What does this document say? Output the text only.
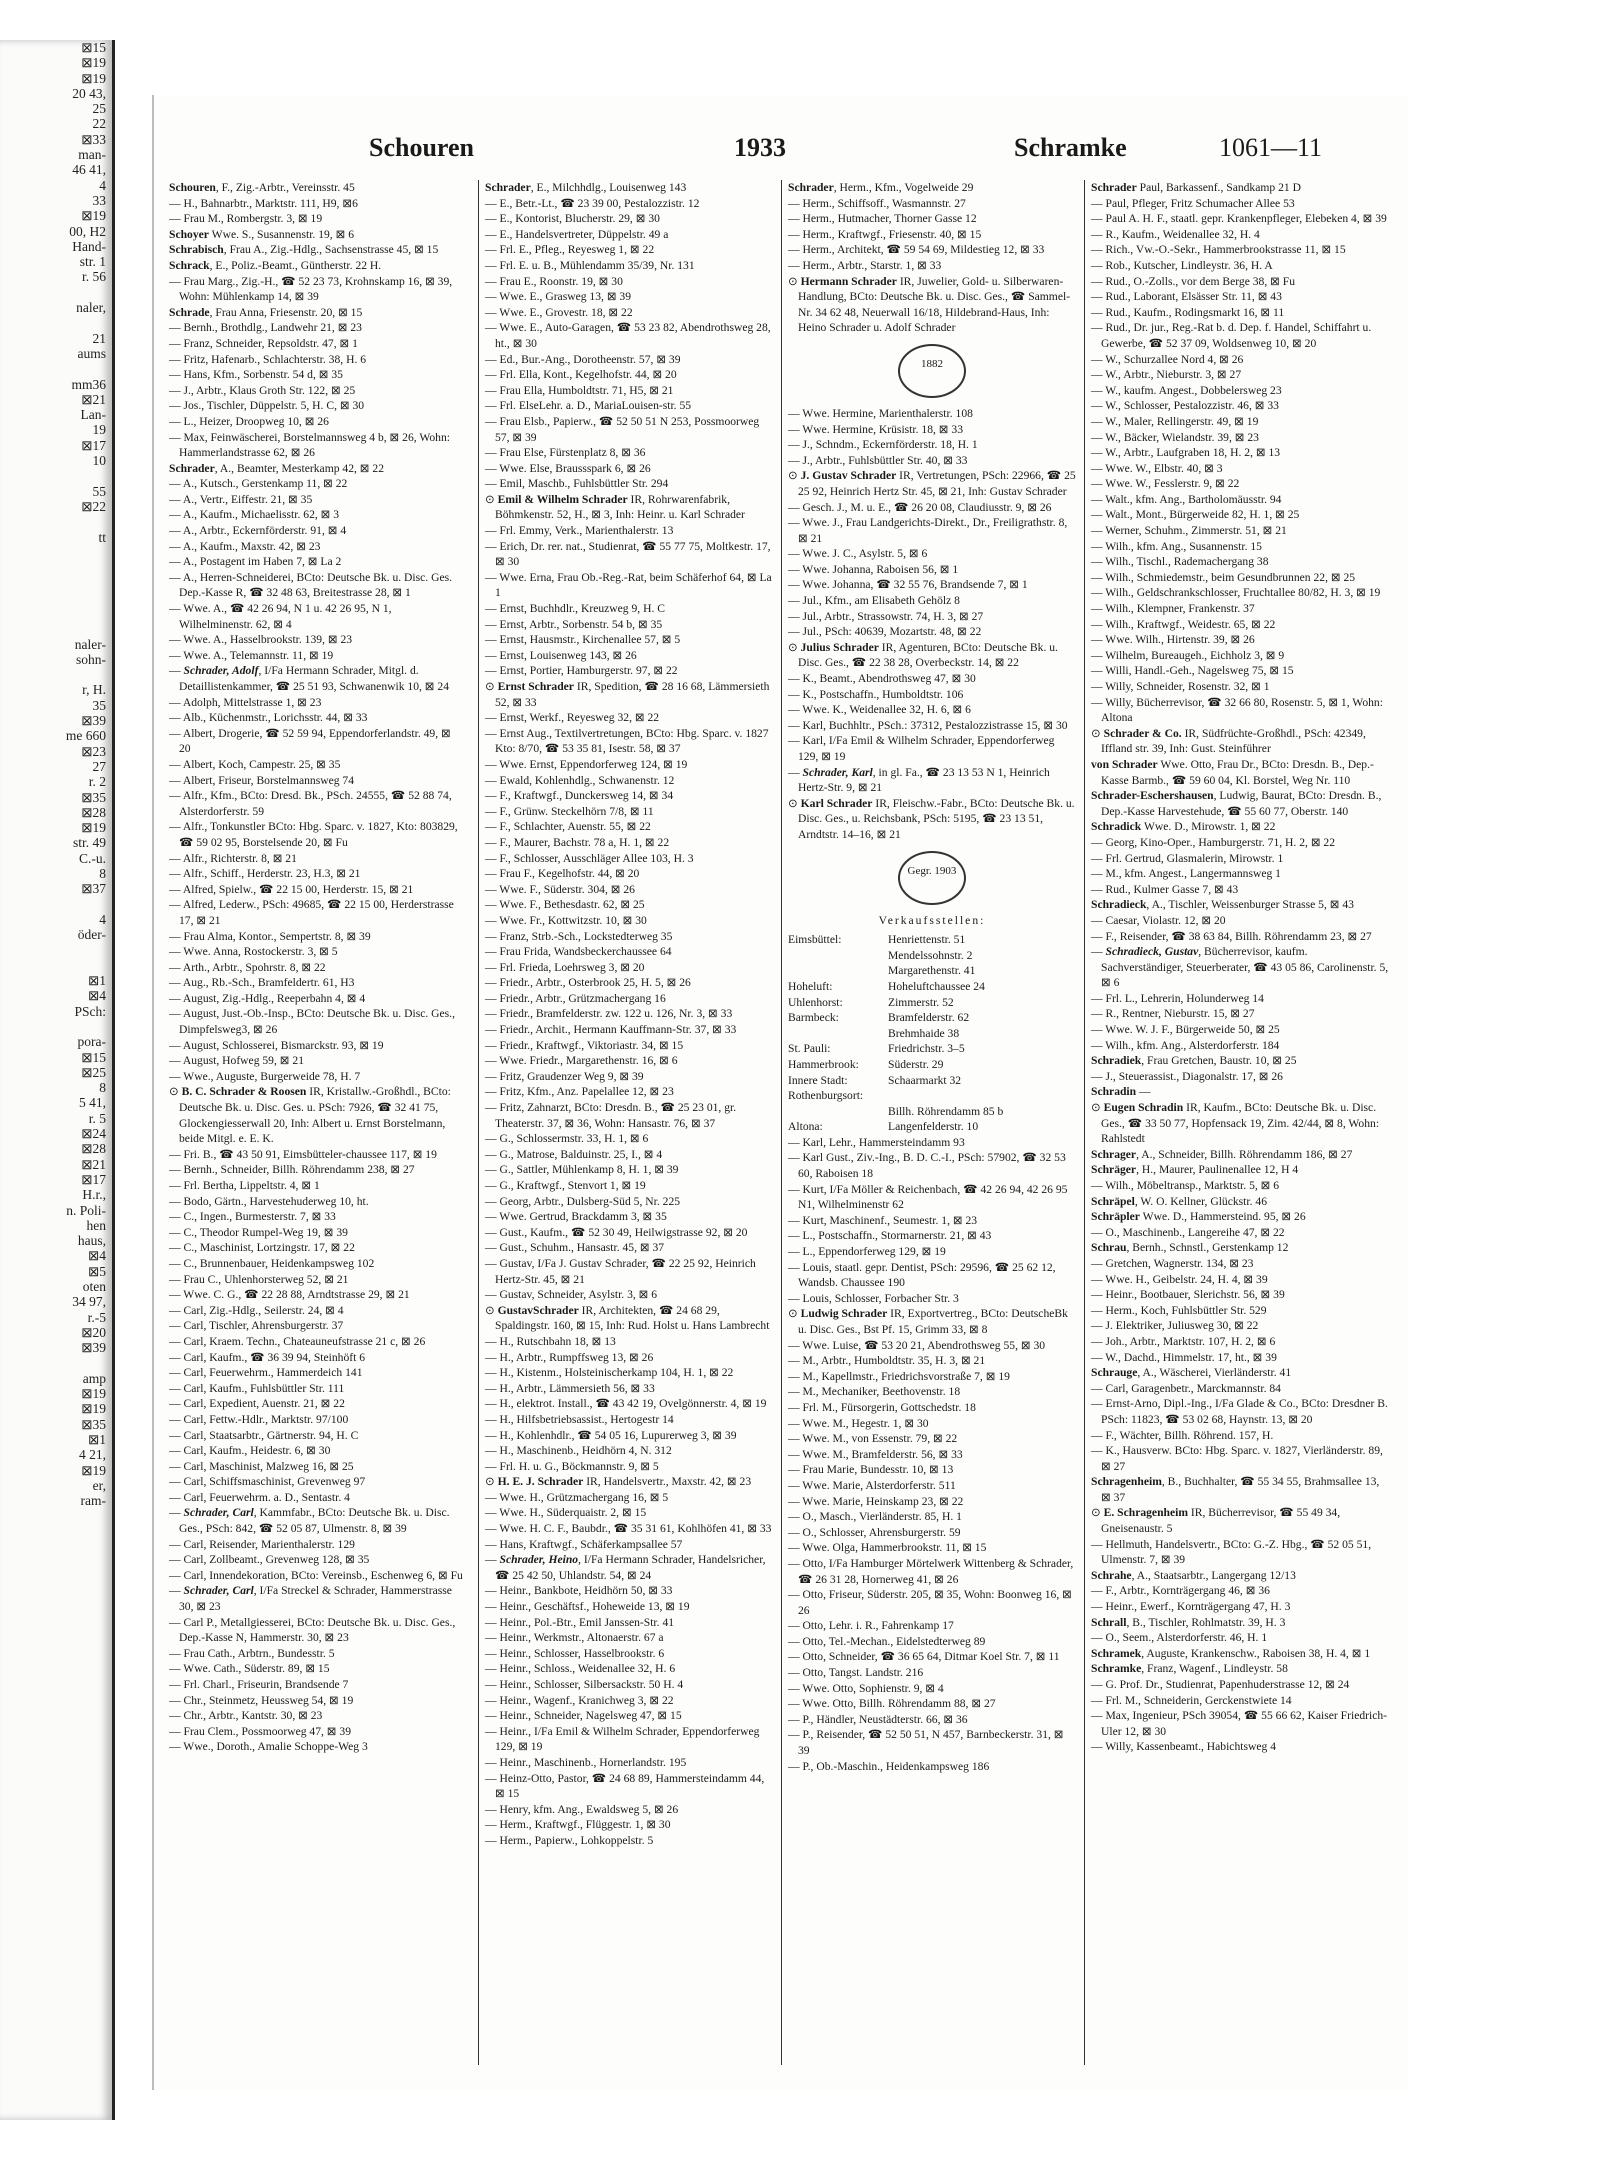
⊠15
⊠19
⊠19
20 43,
25
22
⊠33
man-
46 41,
4
33
⊠19
00, H2
Hand-
str. 1
r. 56

naler,

21
aums

mm36
⊠21
Lan-
19
⊠17
10

55
⊠22

tt

naler-
sohn-

r, H.
35
⊠39
me 660
⊠23
27
r. 2
⊠35
⊠28
⊠19
str. 49
C.-u.
8
⊠37

4
öder-

⊠1
⊠4
PSch:

pora-
⊠15
⊠25
8
5 41,
r. 5
⊠24
⊠28
⊠21
⊠17
H.r.,
n. Poli-
hen
haus,
⊠4
⊠5
oten
34 97,
r.-5
⊠20
⊠39

amp
⊠19
⊠19
⊠35
⊠1
4 21,
⊠19
er,
ram-
Schouren	1933	Schramke	1061—11
Schouren, F., Zig.-Arbtr., Vereinsstr. 45
— H., Bahnarbtr., Marktstr. 111, H9, ⊠6
— Frau M., Rombergstr. 3, ⊠ 19
Schoyer Wwe. S., Susannenstr. 19, ⊠ 6
Schrabisch, Frau A., Zig.-Hdlg., Sachsenstrasse 45, ⊠ 15
Schrack, E., Poliz.-Beamt., Güntherstr. 22 H.
— Frau Marg., Zig.-H., ☎ 52 23 73, Krohnskamp 16, ⊠ 39, Wohn: Mühlenkamp 14, ⊠ 39
Schrade, Frau Anna, Friesenstr. 20, ⊠ 15
— Bernh., Brothdlg., Landwehr 21, ⊠ 23
— Franz, Schneider, Repsoldstr. 47, ⊠ 1
— Fritz, Hafenarb., Schlachterstr. 38, H. 6
— Hans, Kfm., Sorbenstr. 54 d, ⊠ 35
— J., Arbtr., Klaus Groth Str. 122, ⊠ 25
— Jos., Tischler, Düppelstr. 5, H. C, ⊠ 30
— L., Heizer, Droopweg 10, ⊠ 26
— Max, Feinwäscherei, Borstelmannsweg 4 b, ⊠ 26, Wohn: Hammerlandstrasse 62, ⊠ 26
Schrader, A., Beamter, Mesterkamp 42, ⊠ 22
— A., Kutsch., Gerstenkamp 11, ⊠ 22
— A., Vertr., Eiffestr. 21, ⊠ 35
— A., Kaufm., Michaelisstr. 62, ⊠ 3
— A., Arbtr., Eckernförderstr. 91, ⊠ 4
— A., Kaufm., Maxstr. 42, ⊠ 23
— A., Postagent im Haben 7, ⊠ La 2
— A., Herren-Schneiderei, BCto: Deutsche Bk. u. Disc. Ges. Dep.-Kasse R, ☎ 32 48 63, Breitestrasse 28, ⊠ 1
— Wwe. A., ☎ 42 26 94, N 1 u. 42 26 95, N 1, Wilhelminenstr. 62, ⊠ 4
— Wwe. A., Hasselbrookstr. 139, ⊠ 23
— Wwe. A., Telemannstr. 11, ⊠ 19
— Schrader, Adolf, I/Fa Hermann Schrader, Mitgl. d. Detaillistenkammer, ☎ 25 51 93, Schwanenwik 10, ⊠ 24
— Adolph, Mittelstrasse 1, ⊠ 23
— Alb., Küchenmstr., Lorichsstr. 44, ⊠ 33
— Albert, Drogerie, ☎ 52 59 94, Eppendorferlandstr. 49, ⊠ 20
— Albert, Koch, Campestr. 25, ⊠ 35
— Albert, Friseur, Borstelmannsweg 74
— Alfr., Kfm., BCto: Dresd. Bk., PSch. 24555, ☎ 52 88 74, Alsterdorferstr. 59
— Alfr., Tonkunstler BCto: Hbg. Sparc. v. 1827, Kto: 803829, ☎ 59 02 95, Borstelsende 20, ⊠ Fu
— Alfr., Richterstr. 8, ⊠ 21
— Alfr., Schiff., Herderstr. 23, H.3, ⊠ 21
— Alfred, Spielw., ☎ 22 15 00, Herderstr. 15, ⊠ 21
— Alfred, Lederw., PSch: 49685, ☎ 22 15 00, Herderstrasse 17, ⊠ 21
— Frau Alma, Kontor., Sempertstr. 8, ⊠ 39
— Wwe. Anna, Rostockerstr. 3, ⊠ 5
— Arth., Arbtr., Spohrstr. 8, ⊠ 22
— Aug., Rb.-Sch., Bramfeldertr. 61, H3
— August, Zig.-Hdlg., Reeperbahn 4, ⊠ 4
— August, Just.-Ob.-Insp., BCto: Deutsche Bk. u. Disc. Ges., Dimpfelsweg3, ⊠ 26
— August, Schlosserei, Bismarckstr. 93, ⊠ 19
— August, Hofweg 59, ⊠ 21
— Wwe., Auguste, Burgerweide 78, H. 7
⊙ B. C. Schrader & Roosen IR, Kristallw.-Großhdl., BCto: Deutsche Bk. u. Disc. Ges. u. PSch: 7926, ☎ 32 41 75, Glockengiesserwall 20, Inh: Albert u. Ernst Borstelmann, beide Mitgl. e. E. K.
— Fri. B., ☎ 43 50 91, Eimsbütteler-chaussee 117, ⊠ 19
— Bernh., Schneider, Billh. Röhrendamm 238, ⊠ 27
— Frl. Bertha, Lippeltstr. 4, ⊠ 1
— Bodo, Gärtn., Harvestehuderweg 10, ht.
— C., Ingen., Burmesterstr. 7, ⊠ 33
— C., Theodor Rumpel-Weg 19, ⊠ 39
— C., Maschinist, Lortzingstr. 17, ⊠ 22
— C., Brunnenbauer, Heidenkampsweg 102
— Frau C., Uhlenhorsterweg 52, ⊠ 21
— Wwe. C. G., ☎ 22 28 88, Arndtstrasse 29, ⊠ 21
— Carl, Zig.-Hdlg., Seilerstr. 24, ⊠ 4
— Carl, Tischler, Ahrensburgerstr. 37
— Carl, Kraem. Techn., Chateauneufstrasse 21 c, ⊠ 26
— Carl, Kaufm., ☎ 36 39 94, Steinhöft 6
— Carl, Feuerwehrm., Hammerdeich 141
— Carl, Kaufm., Fuhlsbüttler Str. 111
— Carl, Expedient, Auenstr. 21, ⊠ 22
— Carl, Fettw.-Hdlr., Marktstr. 97/100
— Carl, Staatsarbtr., Gärtnerstr. 94, H. C
— Carl, Kaufm., Heidestr. 6, ⊠ 30
— Carl, Maschinist, Malzweg 16, ⊠ 25
— Carl, Schiffsmaschinist, Grevenweg 97
— Carl, Feuerwehrm. a. D., Sentastr. 4
— Schrader, Carl, Kammfabr., BCto: Deutsche Bk. u. Disc. Ges., PSch: 842, ☎ 52 05 87, Ulmenstr. 8, ⊠ 39
— Carl, Reisender, Marienthalerstr. 129
— Carl, Zollbeamt., Grevenweg 128, ⊠ 35
— Carl, Innendekoration, BCto: Vereinsb., Eschenweg 6, ⊠ Fu
— Schrader, Carl, I/Fa Streckel & Schrader, Hammerstrasse 30, ⊠ 23
— Carl P., Metallgiesserei, BCto: Deutsche Bk. u. Disc. Ges., Dep.-Kasse N, Hammerstr. 30, ⊠ 23
— Frau Cath., Arbtrn., Bundesstr. 5
— Wwe. Cath., Süderstr. 89, ⊠ 15
— Frl. Charl., Friseurin, Brandsende 7
— Chr., Steinmetz, Heussweg 54, ⊠ 19
— Chr., Arbtr., Kantstr. 30, ⊠ 23
— Frau Clem., Possmoorweg 47, ⊠ 39
— Wwe., Doroth., Amalie Schoppe-Weg 3
Schrader, E., Milchhdlg., Louisenweg 143
— E., Betr.-Lt., ☎ 23 39 00, Pestalozzistr. 12
— E., Kontorist, Blucherstr. 29, ⊠ 30
— E., Handelsvertreter, Düppelstr. 49 a
— Frl. E., Pfleg., Reyesweg 1, ⊠ 22
— Frl. E. u. B., Mühlendamm 35/39, Nr. 131
— Frau E., Roonstr. 19, ⊠ 30
— Wwe. E., Grasweg 13, ⊠ 39
— Wwe. E., Grovestr. 18, ⊠ 22
— Wwe. E., Auto-Garagen, ☎ 53 23 82, Abendrothsweg 28, ht., ⊠ 30
— Ed., Bur.-Ang., Dorotheenstr. 57, ⊠ 39
— Frl. Ella, Kont., Kegelhofstr. 44, ⊠ 20
— Frau Ella, Humboldtstr. 71, H5, ⊠ 21
— Frl. ElseLehr. a. D., MariaLouisen-str. 55
— Frau Elsb., Papierw., ☎ 52 50 51 N 253, Possmoorweg 57, ⊠ 39
— Frau Else, Fürstenplatz 8, ⊠ 36
— Wwe. Else, Braussspark 6, ⊠ 26
— Emil, Maschb., Fuhlsbüttler Str. 294
⊙ Emil & Wilhelm Schrader IR, Rohrwarenfabrik, Böhmkenstr. 52, H., ⊠ 3, Inh: Heinr. u. Karl Schrader
— Frl. Emmy, Verk., Marienthalerstr. 13
— Erich, Dr. rer. nat., Studienrat, ☎ 55 77 75, Moltkestr. 17, ⊠ 30
— Wwe. Erna, Frau Ob.-Reg.-Rat, beim Schäferhof 64, ⊠ La 1
— Ernst, Buchhdlr., Kreuzweg 9, H. C
— Ernst, Arbtr., Sorbenstr. 54 b, ⊠ 35
— Ernst, Hausmstr., Kirchenallee 57, ⊠ 5
— Ernst, Louisenweg 143, ⊠ 26
— Ernst, Portier, Hamburgerstr. 97, ⊠ 22
⊙ Ernst Schrader IR, Spedition, ☎ 28 16 68, Lämmersieth 52, ⊠ 33
— Ernst, Werkf., Reyesweg 32, ⊠ 22
— Ernst Aug., Textilvertretungen, BCto: Hbg. Sparc. v. 1827 Kto: 8/70, ☎ 53 35 81, Isestr. 58, ⊠ 37
— Wwe. Ernst, Eppendorferweg 124, ⊠ 19
— Ewald, Kohlenhdlg., Schwanenstr. 12
— F., Kraftwgf., Dunckersweg 14, ⊠ 34
— F., Grünw. Steckelhörn 7/8, ⊠ 11
— F., Schlachter, Auenstr. 55, ⊠ 22
— F., Maurer, Bachstr. 78 a, H. 1, ⊠ 22
— F., Schlosser, Ausschläger Allee 103, H. 3
— Frau F., Kegelhofstr. 44, ⊠ 20
— Wwe. F., Süderstr. 304, ⊠ 26
— Wwe. F., Bethesdastr. 62, ⊠ 25
— Wwe. Fr., Kottwitzstr. 10, ⊠ 30
— Franz, Strb.-Sch., Lockstedterweg 35
— Frau Frida, Wandsbeckerchaussee 64
— Frl. Frieda, Loehrsweg 3, ⊠ 20
— Friedr., Arbtr., Osterbrook 25, H. 5, ⊠ 26
— Friedr., Arbtr., Grützmachergang 16
— Friedr., Bramfelderstr. zw. 122 u. 126, Nr. 3, ⊠ 33
— Friedr., Archit., Hermann Kauffmann-Str. 37, ⊠ 33
— Friedr., Kraftwgf., Viktoriastr. 34, ⊠ 15
— Wwe. Friedr., Margarethenstr. 16, ⊠ 6
— Fritz, Graudenzer Weg 9, ⊠ 39
— Fritz, Kfm., Anz. Papelallee 12, ⊠ 23
— Fritz, Zahnarzt, BCto: Dresdn. B., ☎ 25 23 01, gr. Theaterstr. 37, ⊠ 36, Wohn: Hansastr. 76, ⊠ 37
— G., Schlossermstr. 33, H. 1, ⊠ 6
— G., Matrose, Balduinstr. 25, I., ⊠ 4
— G., Sattler, Mühlenkamp 8, H. 1, ⊠ 39
— G., Kraftwgf., Stenvort 1, ⊠ 19
— Georg, Arbtr., Dulsberg-Süd 5, Nr. 225
— Wwe. Gertrud, Brackdamm 3, ⊠ 35
— Gust., Kaufm., ☎ 52 30 49, Heilwigstrasse 92, ⊠ 20
— Gust., Schuhm., Hansastr. 45, ⊠ 37
— Gustav, I/Fa J. Gustav Schrader, ☎ 22 25 92, Heinrich Hertz-Str. 45, ⊠ 21
— Gustav, Schneider, Asylstr. 3, ⊠ 6
⊙ GustavSchrader IR, Architekten, ☎ 24 68 29, Spaldingstr. 160, ⊠ 15, Inh: Rud. Holst u. Hans Lambrecht
— H., Rutschbahn 18, ⊠ 13
— H., Arbtr., Rumpffsweg 13, ⊠ 26
— H., Kistenm., Holsteinischerkamp 104, H. 1, ⊠ 22
— H., Arbtr., Lämmersieth 56, ⊠ 33
— H., elektrot. Install., ☎ 43 42 19, Ovelgönnerstr. 4, ⊠ 19
— H., Hilfsbetriebsassist., Hertogestr 14
— H., Kohlenhdlr., ☎ 54 05 16, Lupurerweg 3, ⊠ 39
— H., Maschinenb., Heidhörn 4, N. 312
— Frl. H. u. G., Böckmannstr. 9, ⊠ 5
⊙ H. E. J. Schrader IR, Handelsvertr., Maxstr. 42, ⊠ 23
— Wwe. H., Grützmachergang 16, ⊠ 5
— Wwe. H., Süderquaistr. 2, ⊠ 15
— Wwe. H. C. F., Baubdr., ☎ 35 31 61, Kohlhöfen 41, ⊠ 33
— Hans, Kraftwgf., Schäferkampsallee 57
— Schrader, Heino, I/Fa Hermann Schrader, Handelsricher, ☎ 25 42 50, Uhlandstr. 54, ⊠ 24
— Heinr., Bankbote, Heidhörn 50, ⊠ 33
— Heinr., Geschäftsf., Hoheweide 13, ⊠ 19
— Heinr., Pol.-Btr., Emil Janssen-Str. 41
— Heinr., Werkmstr., Altonaerstr. 67 a
— Heinr., Schlosser, Hasselbrookstr. 6
— Heinr., Schloss., Weidenallee 32, H. 6
— Heinr., Schlosser, Silbersackstr. 50 H. 4
— Heinr., Wagenf., Kranichweg 3, ⊠ 22
— Heinr., Schneider, Nagelsweg 47, ⊠ 15
— Heinr., I/Fa Emil & Wilhelm Schrader, Eppendorferweg 129, ⊠ 19
— Heinr., Maschinenb., Hornerlandstr. 195
— Heinz-Otto, Pastor, ☎ 24 68 89, Hammersteindamm 44, ⊠ 15
— Henry, kfm. Ang., Ewaldsweg 5, ⊠ 26
— Herm., Kraftwgf., Flüggestr. 1, ⊠ 30
— Herm., Papierw., Lohkoppelstr. 5
Schrader, Herm., Kfm., Vogelweide 29
— Herm., Schiffsoff., Wasmannstr. 27
— Herm., Hutmacher, Thorner Gasse 12
— Herm., Kraftwgf., Friesenstr. 40, ⊠ 15
— Herm., Architekt, ☎ 59 54 69, Mildestieg 12, ⊠ 33
— Herm., Arbtr., Starstr. 1, ⊠ 33
⊙ Hermann Schrader IR, Juwelier, Gold- u. Silberwaren-Handlung, BCto: Deutsche Bk. u. Disc. Ges., ☎ Sammel-Nr. 34 62 48, Neuerwall 16/18, Hildebrand-Haus, Inh: Heino Schrader u. Adolf Schrader
1882
— Wwe. Hermine, Marienthalerstr. 108
— Wwe. Hermine, Krüsistr. 18, ⊠ 33
— J., Schndm., Eckernförderstr. 18, H. 1
— J., Arbtr., Fuhlsbüttler Str. 40, ⊠ 33
⊙ J. Gustav Schrader IR, Vertretungen, PSch: 22966, ☎ 25 25 92, Heinrich Hertz Str. 45, ⊠ 21, Inh: Gustav Schrader
— Gesch. J., M. u. E., ☎ 26 20 08, Claudiusstr. 9, ⊠ 26
— Wwe. J., Frau Landgerichts-Direkt., Dr., Freiligrathstr. 8, ⊠ 21
— Wwe. J. C., Asylstr. 5, ⊠ 6
— Wwe. Johanna, Raboisen 56, ⊠ 1
— Wwe. Johanna, ☎ 32 55 76, Brandsende 7, ⊠ 1
— Jul., Kfm., am Elisabeth Gehölz 8
— Jul., Arbtr., Strassowstr. 74, H. 3, ⊠ 27
— Jul., PSch: 40639, Mozartstr. 48, ⊠ 22
⊙ Julius Schrader IR, Agenturen, BCto: Deutsche Bk. u. Disc. Ges., ☎ 22 38 28, Overbeckstr. 14, ⊠ 22
— K., Beamt., Abendrothsweg 47, ⊠ 30
— K., Postschaffn., Humboldtstr. 106
— Wwe. K., Weidenallee 32, H. 6, ⊠ 6
— Karl, Buchhltr., PSch.: 37312, Pestalozzistrasse 15, ⊠ 30
— Karl, I/Fa Emil & Wilhelm Schrader, Eppendorferweg 129, ⊠ 19
— Schrader, Karl, in gl. Fa., ☎ 23 13 53 N 1, Heinrich Hertz-Str. 9, ⊠ 21
⊙ Karl Schrader IR, Fleischw.-Fabr., BCto: Deutsche Bk. u. Disc. Ges., u. Reichsbank, PSch: 5195, ☎ 23 13 51, Arndtstr. 14–16, ⊠ 21
Gegr. 1903
Verkaufsstellen:
Eimsbüttel:	Henriettenstr. 51

Mendelssohnstr. 2

Margarethenstr. 41
Hoheluft:	Hoheluftchaussee 24
Uhlenhorst:	Zimmerstr. 52
Barmbeck:	Bramfelderstr. 62

Brehmhaide 38
St. Pauli:	Friedrichstr. 3–5
Hammerbrook:	Süderstr. 29
Innere Stadt:	Schaarmarkt 32
Rothenburgsort:

Billh. Röhrendamm 85 b
Altona:	Langenfelderstr. 10
— Karl, Lehr., Hammersteindamm 93
— Karl Gust., Ziv.-Ing., B. D. C.-I., PSch: 57902, ☎ 32 53 60, Raboisen 18
— Kurt, I/Fa Möller & Reichenbach, ☎ 42 26 94, 42 26 95 N1, Wilhelminenstr 62
— Kurt, Maschinenf., Seumestr. 1, ⊠ 23
— L., Postschaffn., Stormarnerstr. 21, ⊠ 43
— L., Eppendorferweg 129, ⊠ 19
— Louis, staatl. gepr. Dentist, PSch: 29596, ☎ 25 62 12, Wandsb. Chaussee 190
— Louis, Schlosser, Forbacher Str. 3
⊙ Ludwig Schrader IR, Exportvertreg., BCto: DeutscheBk u. Disc. Ges., Bst Pf. 15, Grimm 33, ⊠ 8
— Wwe. Luise, ☎ 53 20 21, Abendrothsweg 55, ⊠ 30
— M., Arbtr., Humboldtstr. 35, H. 3, ⊠ 21
— M., Kapellmstr., Friedrichsvorstraße 7, ⊠ 19
— M., Mechaniker, Beethovenstr. 18
— Frl. M., Fürsorgerin, Gottschedstr. 18
— Wwe. M., Hegestr. 1, ⊠ 30
— Wwe. M., von Essenstr. 79, ⊠ 22
— Wwe. M., Bramfelderstr. 56, ⊠ 33
— Frau Marie, Bundesstr. 10, ⊠ 13
— Wwe. Marie, Alsterdorferstr. 511
— Wwe. Marie, Heinskamp 23, ⊠ 22
— O., Masch., Vierländerstr. 85, H. 1
— O., Schlosser, Ahrensburgerstr. 59
— Wwe. Olga, Hammerbrookstr. 11, ⊠ 15
— Otto, I/Fa Hamburger Mörtelwerk Wittenberg & Schrader, ☎ 26 31 28, Hornerweg 41, ⊠ 26
— Otto, Friseur, Süderstr. 205, ⊠ 35, Wohn: Boonweg 16, ⊠ 26
— Otto, Lehr. i. R., Fahrenkamp 17
— Otto, Tel.-Mechan., Eidelstedterweg 89
— Otto, Schneider, ☎ 36 65 64, Ditmar Koel Str. 7, ⊠ 11
— Otto, Tangst. Landstr. 216
— Wwe. Otto, Sophienstr. 9, ⊠ 4
— Wwe. Otto, Billh. Röhrendamm 88, ⊠ 27
— P., Händler, Neustädterstr. 66, ⊠ 36
— P., Reisender, ☎ 52 50 51, N 457, Barnbeckerstr. 31, ⊠ 39
— P., Ob.-Maschin., Heidenkampsweg 186
Schrader Paul, Barkassenf., Sandkamp 21 D
— Paul, Pfleger, Fritz Schumacher Allee 53
— Paul A. H. F., staatl. gepr. Krankenpfleger, Elebeken 4, ⊠ 39
— R., Kaufm., Weidenallee 32, H. 4
— Rich., Vw.-O.-Sekr., Hammerbrookstrasse 11, ⊠ 15
— Rob., Kutscher, Lindleystr. 36, H. A
— Rud., O.-Zolls., vor dem Berge 38, ⊠ Fu
— Rud., Laborant, Elsässer Str. 11, ⊠ 43
— Rud., Kaufm., Rodingsmarkt 16, ⊠ 11
— Rud., Dr. jur., Reg.-Rat b. d. Dep. f. Handel, Schiffahrt u. Gewerbe, ☎ 52 37 09, Woldsenweg 10, ⊠ 20
— W., Schurzallee Nord 4, ⊠ 26
— W., Arbtr., Nieburstr. 3, ⊠ 27
— W., kaufm. Angest., Dobbelersweg 23
— W., Schlosser, Pestalozzistr. 46, ⊠ 33
— W., Maler, Rellingerstr. 49, ⊠ 19
— W., Bäcker, Wielandstr. 39, ⊠ 23
— W., Arbtr., Laufgraben 18, H. 2, ⊠ 13
— Wwe. W., Elbstr. 40, ⊠ 3
— Wwe. W., Fesslerstr. 9, ⊠ 22
— Walt., kfm. Ang., Bartholomäusstr. 94
— Walt., Mont., Bürgerweide 82, H. 1, ⊠ 25
— Werner, Schuhm., Zimmerstr. 51, ⊠ 21
— Wilh., kfm. Ang., Susannenstr. 15
— Wilh., Tischl., Rademachergang 38
— Wilh., Schmiedemstr., beim Gesundbrunnen 22, ⊠ 25
— Wilh., Geldschrankschlosser, Fruchtallee 80/82, H. 3, ⊠ 19
— Wilh., Klempner, Frankenstr. 37
— Wilh., Kraftwgf., Weidestr. 65, ⊠ 22
— Wwe. Wilh., Hirtenstr. 39, ⊠ 26
— Wilhelm, Bureaugeh., Eichholz 3, ⊠ 9
— Willi, Handl.-Geh., Nagelsweg 75, ⊠ 15
— Willy, Schneider, Rosenstr. 32, ⊠ 1
— Willy, Bücherrevisor, ☎ 32 66 80, Rosenstr. 5, ⊠ 1, Wohn: Altona
⊙ Schrader & Co. IR, Südfrüchte-Großhdl., PSch: 42349, Iffland str. 39, Inh: Gust. Steinführer
von Schrader Wwe. Otto, Frau Dr., BCto: Dresdn. B., Dep.-Kasse Barmb., ☎ 59 60 04, Kl. Borstel, Weg Nr. 110
Schrader-Eschershausen, Ludwig, Baurat, BCto: Dresdn. B., Dep.-Kasse Harvestehude, ☎ 55 60 77, Oberstr. 140
Schradick Wwe. D., Mirowstr. 1, ⊠ 22
— Georg, Kino-Oper., Hamburgerstr. 71, H. 2, ⊠ 22
— Frl. Gertrud, Glasmalerin, Mirowstr. 1
— M., kfm. Angest., Langermannsweg 1
— Rud., Kulmer Gasse 7, ⊠ 43
Schradieck, A., Tischler, Weissenburger Strasse 5, ⊠ 43
— Caesar, Violastr. 12, ⊠ 20
— F., Reisender, ☎ 38 63 84, Billh. Röhrendamm 23, ⊠ 27
— Schradieck, Gustav, Bücherrevisor, kaufm. Sachverständiger, Steuerberater, ☎ 43 05 86, Carolinenstr. 5, ⊠ 6
— Frl. L., Lehrerin, Holunderweg 14
— R., Rentner, Nieburstr. 15, ⊠ 27
— Wwe. W. J. F., Bürgerweide 50, ⊠ 25
— Wilh., kfm. Ang., Alsterdorferstr. 184
Schradiek, Frau Gretchen, Baustr. 10, ⊠ 25
— J., Steuerassist., Diagonalstr. 17, ⊠ 26
Schradin —
⊙ Eugen Schradin IR, Kaufm., BCto: Deutsche Bk. u. Disc. Ges., ☎ 33 50 77, Hopfensack 19, Zim. 42/44, ⊠ 8, Wohn: Rahlstedt
Schrager, A., Schneider, Billh. Röhrendamm 186, ⊠ 27
Schräger, H., Maurer, Paulinenallee 12, H 4
— Wilh., Möbeltransp., Marktstr. 5, ⊠ 6
Schräpel, W. O. Kellner, Glückstr. 46
Schräpler Wwe. D., Hammersteind. 95, ⊠ 26
— O., Maschinenb., Langereihe 47, ⊠ 22
Schrau, Bernh., Schnstl., Gerstenkamp 12
— Gretchen, Wagnerstr. 134, ⊠ 23
— Wwe. H., Geibelstr. 24, H. 4, ⊠ 39
— Heinr., Bootbauer, Slerichstr. 56, ⊠ 39
— Herm., Koch, Fuhlsbüttler Str. 529
— J. Elektriker, Juliusweg 30, ⊠ 22
— Joh., Arbtr., Marktstr. 107, H. 2, ⊠ 6
— W., Dachd., Himmelstr. 17, ht., ⊠ 39
Schrauge, A., Wäscherei, Vierländerstr. 41
— Carl, Garagenbetr., Marckmannstr. 84
— Ernst-Arno, Dipl.-Ing., I/Fa Glade & Co., BCto: Dresdner B. PSch: 11823, ☎ 53 02 68, Haynstr. 13, ⊠ 20
— F., Wächter, Billh. Röhrend. 157, H.
— K., Hausverw. BCto: Hbg. Sparc. v. 1827, Vierländerstr. 89, ⊠ 27
Schragenheim, B., Buchhalter, ☎ 55 34 55, Brahmsallee 13, ⊠ 37
⊙ E. Schragenheim IR, Bücherrevisor, ☎ 55 49 34, Gneisenaustr. 5
— Hellmuth, Handelsvertr., BCto: G.-Z. Hbg., ☎ 52 05 51, Ulmenstr. 7, ⊠ 39
Schrahe, A., Staatsarbtr., Langergang 12/13
— F., Arbtr., Kornträgergang 46, ⊠ 36
— Heinr., Ewerf., Kornträgergang 47, H. 3
Schrall, B., Tischler, Rohlmatstr. 39, H. 3
— O., Seem., Alsterdorferstr. 46, H. 1
Schramek, Auguste, Krankenschw., Raboisen 38, H. 4, ⊠ 1
Schramke, Franz, Wagenf., Lindleystr. 58
— G. Prof. Dr., Studienrat, Papenhuderstrasse 12, ⊠ 24
— Frl. M., Schneiderin, Gerckenstwiete 14
— Max, Ingenieur, PSch 39054, ☎ 55 66 62, Kaiser Friedrich-Uler 12, ⊠ 30
— Willy, Kassenbeamt., Habichtsweg 4
